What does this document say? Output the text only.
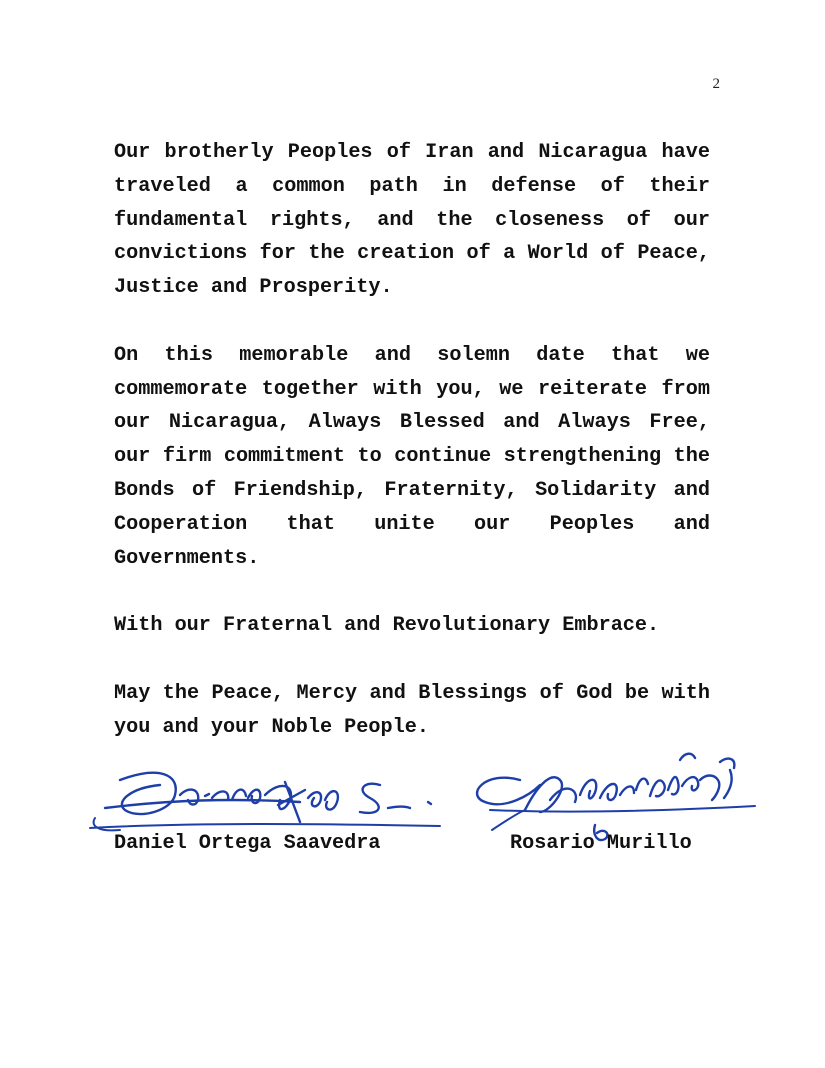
2

Our brotherly Peoples of Iran and Nicaragua have traveled a common path in defense of their fundamental rights, and the closeness of our convictions for the creation of a World of Peace, Justice and Prosperity.

On this memorable and solemn date that we commemorate together with you, we reiterate from our Nicaragua, Always Blessed and Always Free, our firm commitment to continue strengthening the Bonds of Friendship, Fraternity, Solidarity and Cooperation that unite our Peoples and Governments.

With our Fraternal and Revolutionary Embrace.

May the Peace, Mercy and Blessings of God be with you and your Noble People.

Daniel Ortega Saavedra	Rosario Murillo
